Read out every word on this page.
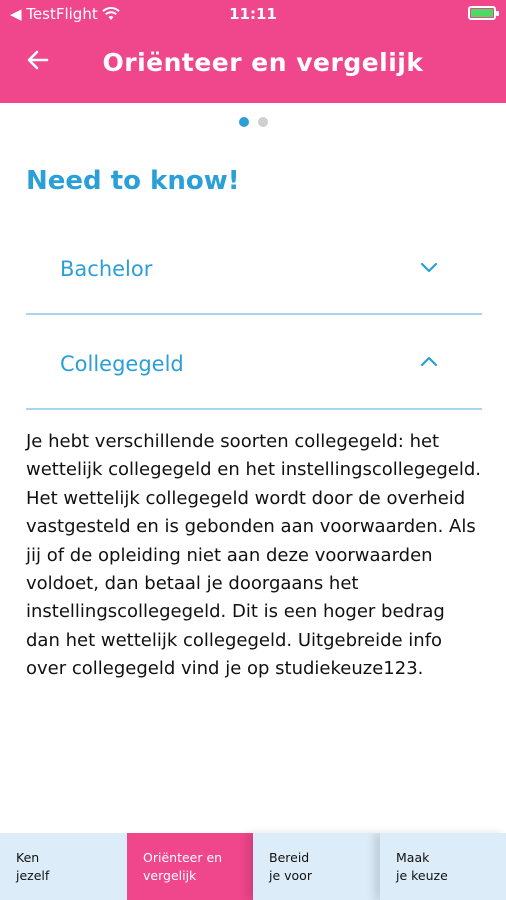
◀ TestFlight	11:11
Oriënteer en vergelijk
Need to know!
Bachelor
Collegegeld
Je hebt verschillende soorten collegegeld: het wettelijk collegegeld en het instellingscollegegeld. Het wettelijk collegegeld wordt door de overheid vastgesteld en is gebonden aan voorwaarden. Als jij of de opleiding niet aan deze voorwaarden voldoet, dan betaal je doorgaans het instellingscollegegeld. Dit is een hoger bedrag dan het wettelijk collegegeld. Uitgebreide info over collegegeld vind je op studiekeuze123.
Ken
jezelf
Oriënteer en
vergelijk
Bereid
je voor
Maak
je keuze
